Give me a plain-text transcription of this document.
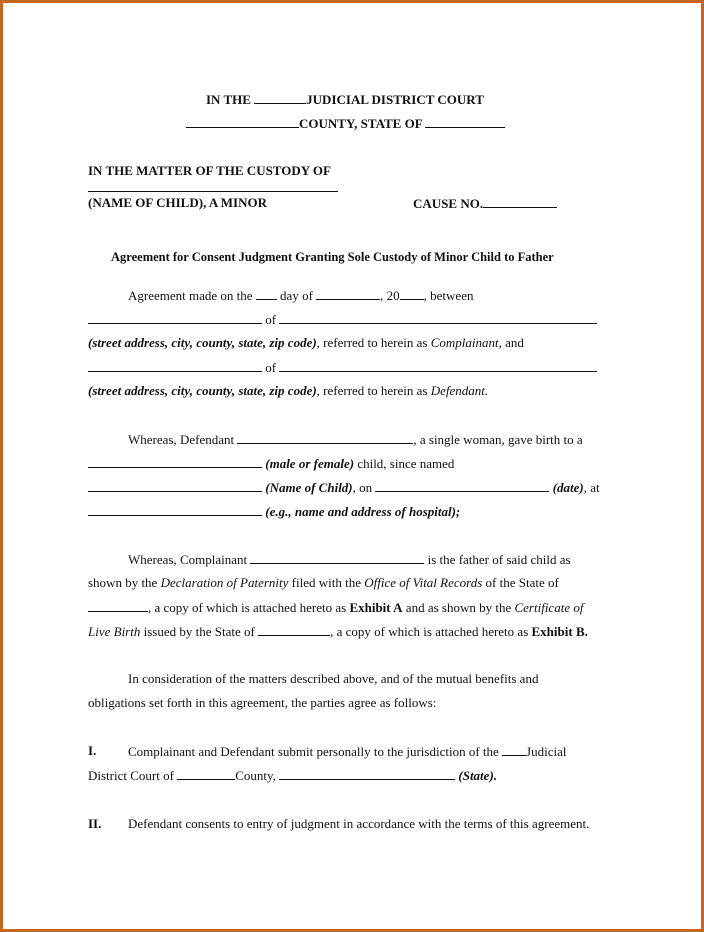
IN THE	JUDICIAL DISTRICT COURT
COUNTY, STATE OF
IN THE MATTER OF THE CUSTODY OF
(NAME OF CHILD), A MINOR	CAUSE NO.
Agreement for Consent Judgment Granting Sole Custody of Minor Child to Father
Agreement made on the day of	, 20 , between
of
(street address, city, county, state, zip code), referred to herein as Complainant, and
of
(street address, city, county, state, zip code), referred to herein as Defendant.
Whereas, Defendant	, a single woman, gave birth to a
(male or female) child, since named
(Name of Child), on	(date), at
(e.g., name and address of hospital);
Whereas, Complainant	is the father of said child as
shown by the Declaration of Paternity filed with the Office of Vital Records of the State of
, a copy of which is attached hereto as Exhibit A and as shown by the Certificate of
Live Birth issued by the State of	, a copy of which is attached hereto as Exhibit B.
In consideration of the matters described above, and of the mutual benefits and
obligations set forth in this agreement, the parties agree as follows:
I. Complainant and Defendant submit personally to the jurisdiction of the Judicial
District Court of	County,	(State).
II. Defendant consents to entry of judgment in accordance with the terms of this agreement.
